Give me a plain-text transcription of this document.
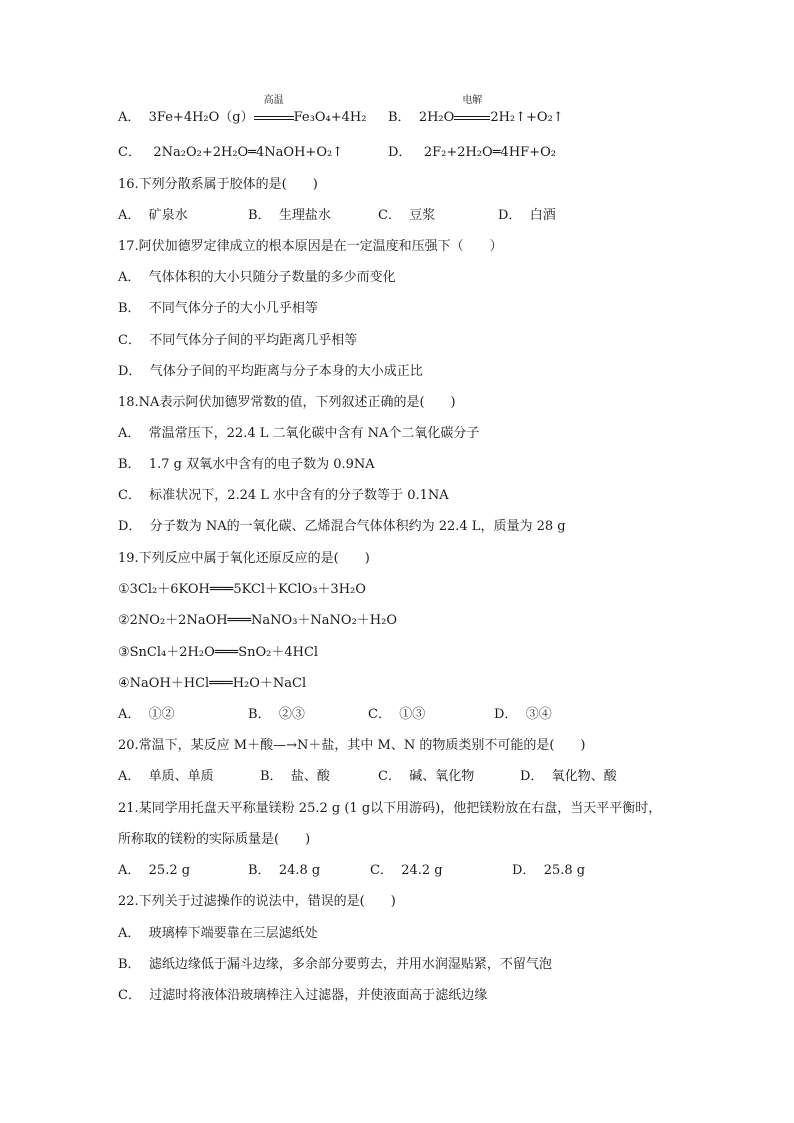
A． 3Fe+4H₂O（g）
高温
Fe₃O₄+4H₂ B． 2H₂O
电解
2H₂↑+O₂↑
C． 2Na₂O₂+2H₂O═4NaOH+O₂↑	D． 2F₂+2H₂O═4HF+O₂
16.下列分散系属于胶体的是(　　)
A． 矿泉水	B． 生理盐水	C． 豆浆	D． 白酒
17.阿伏加德罗定律成立的根本原因是在一定温度和压强下（　　）
A． 气体体积的大小只随分子数量的多少而变化
B． 不同气体分子的大小几乎相等
C． 不同气体分子间的平均距离几乎相等
D． 气体分子间的平均距离与分子本身的大小成正比
18.NA表示阿伏加德罗常数的值，下列叙述正确的是(　　)
A． 常温常压下，22.4 L 二氧化碳中含有 NA个二氧化碳分子
B． 1.7 g 双氧水中含有的电子数为 0.9NA
C． 标准状况下，2.24 L 水中含有的分子数等于 0.1NA
D． 分子数为 NA的一氧化碳、乙烯混合气体体积约为 22.4 L，质量为 28 g
19.下列反应中属于氧化还原反应的是(　　)
①3Cl₂＋6KOH═══5KCl＋KClO₃＋3H₂O
②2NO₂＋2NaOH═══NaNO₃＋NaNO₂＋H₂O
③SnCl₄＋2H₂O═══SnO₂＋4HCl
④NaOH＋HCl═══H₂O＋NaCl
A． ①②	B． ②③	C． ①③	D． ③④
20.常温下，某反应 M＋酸—→N＋盐，其中 M、N 的物质类别不可能的是(　　)
A． 单质、单质	B． 盐、酸	C． 碱、氧化物	D． 氧化物、酸
21.某同学用托盘天平称量镁粉 25.2 g (1 g以下用游码)，他把镁粉放在右盘，当天平平衡时，
所称取的镁粉的实际质量是(　　)
A． 25.2 g	B． 24.8 g	C． 24.2 g	D． 25.8 g
22.下列关于过滤操作的说法中，错误的是(　　)
A． 玻璃棒下端要靠在三层滤纸处
B． 滤纸边缘低于漏斗边缘，多余部分要剪去，并用水润湿贴紧，不留气泡
C． 过滤时将液体沿玻璃棒注入过滤器，并使液面高于滤纸边缘
